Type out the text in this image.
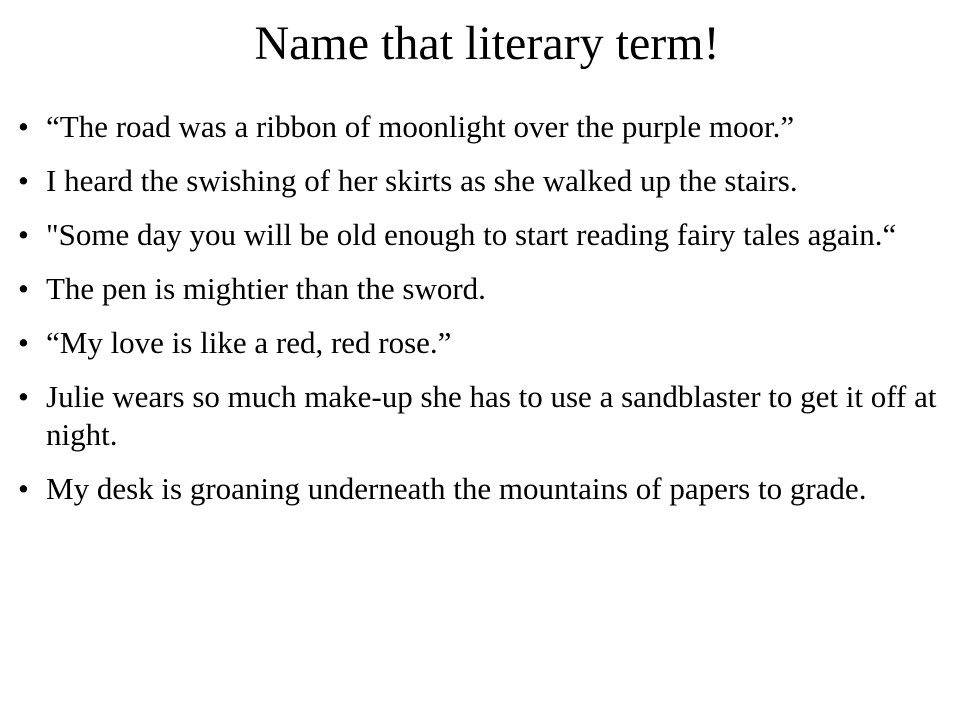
Name that literary term!
• “The road was a ribbon of moonlight over the purple moor.”
• I heard the swishing of her skirts as she walked up the stairs.
• "Some day you will be old enough to start reading fairy tales again.“
• The pen is mightier than the sword.
• “My love is like a red, red rose.”
• Julie wears so much make-up she has to use a sandblaster to get it off at night.
• My desk is groaning underneath the mountains of papers to grade.
